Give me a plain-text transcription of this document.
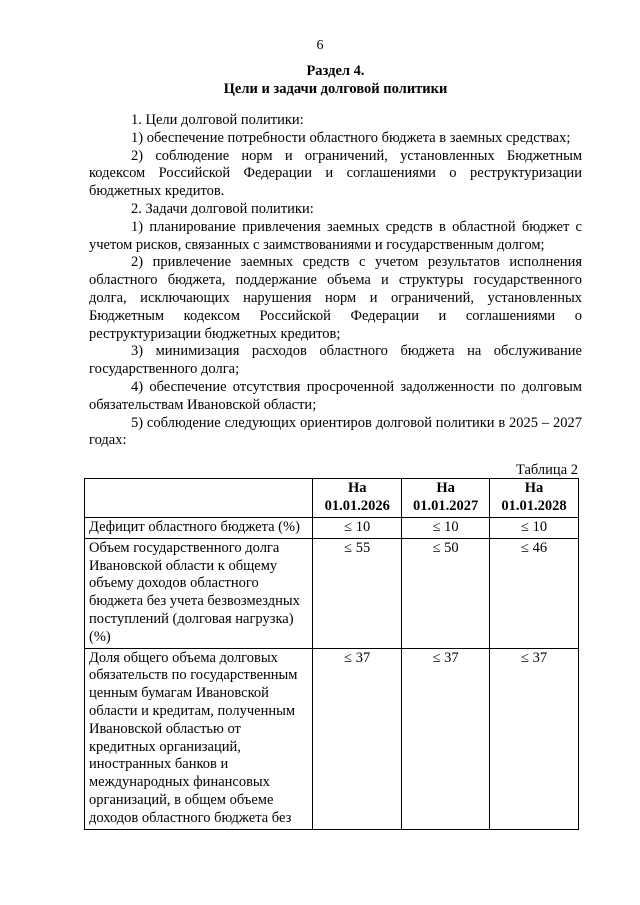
6
Раздел 4.
Цели и задачи долговой политики

1. Цели долговой политики:

1) обеспечение потребности областного бюджета в заемных средствах;

2) соблюдение норм и ограничений, установленных Бюджетным кодексом Российской Федерации и соглашениями о реструктуризации бюджетных кредитов.

2. Задачи долговой политики:

1) планирование привлечения заемных средств в областной бюджет с учетом рисков, связанных с заимствованиями и государственным долгом;

2) привлечение заемных средств с учетом результатов исполнения областного бюджета, поддержание объема и структуры государственного долга, исключающих нарушения норм и ограничений, установленных Бюджетным кодексом Российской Федерации и соглашениями о реструктуризации бюджетных кредитов;

3) минимизация расходов областного бюджета на обслуживание государственного долга;

4) обеспечение отсутствия просроченной задолженности по долговым обязательствам Ивановской области;

5) соблюдение следующих ориентиров долговой политики в 2025 – 2027 годах:

Таблица 2
	На 01.01.2026	На 01.01.2027	На 01.01.2028
Дефицит областного бюджета (%)	≤ 10	≤ 10	≤ 10
Объем государственного долга Ивановской области к общему объему доходов областного бюджета без учета безвозмездных поступлений (долговая нагрузка) (%)	≤ 55	≤ 50	≤ 46
Доля общего объема долговых обязательств по государственным ценным бумагам Ивановской области и кредитам, полученным Ивановской областью от кредитных организаций, иностранных банков и международных финансовых организаций, в общем объеме доходов областного бюджета без	≤ 37	≤ 37	≤ 37
